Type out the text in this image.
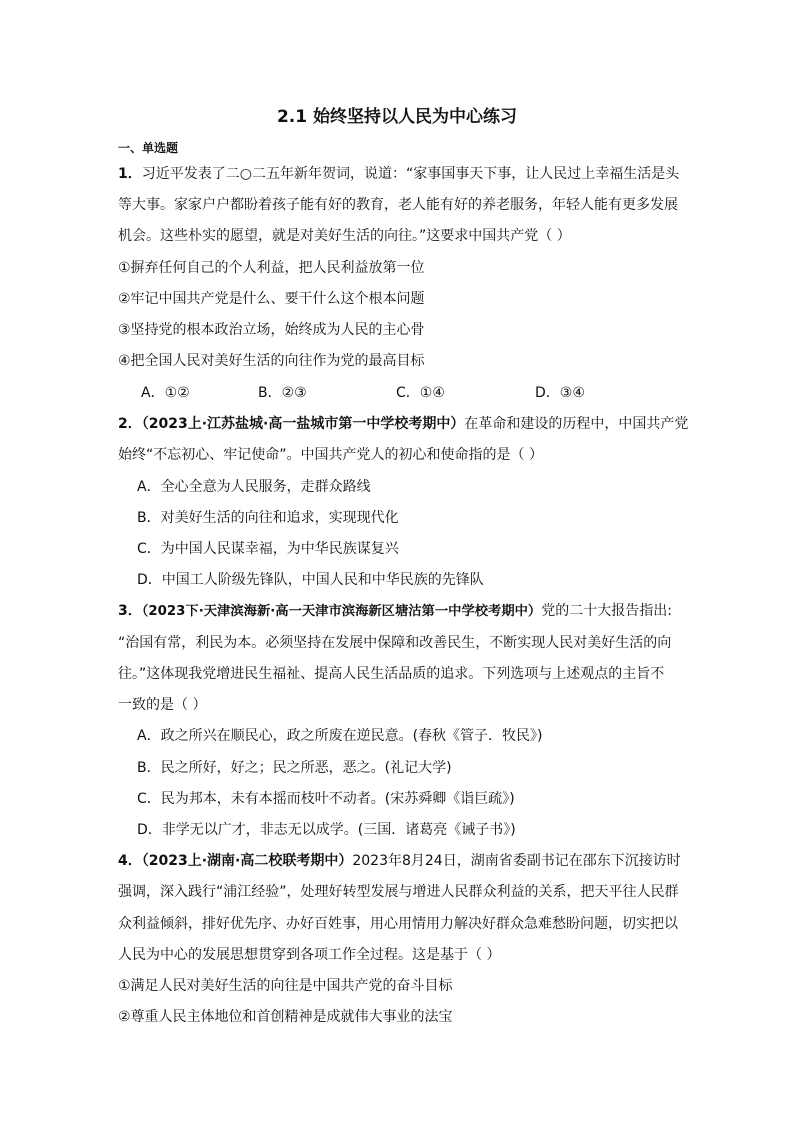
2.1 始终坚持以人民为中心练习
一、单选题
1．习近平发表了二○二五年新年贺词，说道：“家事国事天下事，让人民过上幸福生活是头
等大事。家家户户都盼着孩子能有好的教育，老人能有好的养老服务，年轻人能有更多发展
机会。这些朴实的愿望，就是对美好生活的向往。”这要求中国共产党（ ）
①摒弃任何自己的个人利益，把人民利益放第一位
②牢记中国共产党是什么、要干什么这个根本问题
③坚持党的根本政治立场，始终成为人民的主心骨
④把全国人民对美好生活的向往作为党的最高目标
A．①②	B．②③	C．①④	D．③④
2．（2023上·江苏盐城·高一盐城市第一中学校考期中）在革命和建设的历程中，中国共产党
始终“不忘初心、牢记使命”。中国共产党人的初心和使命指的是（ ）
A．全心全意为人民服务，走群众路线
B．对美好生活的向往和追求，实现现代化
C．为中国人民谋幸福，为中华民族谋复兴
D．中国工人阶级先锋队，中国人民和中华民族的先锋队
3．（2023下·天津滨海新·高一天津市滨海新区塘沽第一中学校考期中）党的二十大报告指出:
“治国有常，利民为本。必须坚持在发展中保障和改善民生，不断实现人民对美好生活的向
往。”这体现我党增进民生福祉、提高人民生活品质的追求。下列选项与上述观点的主旨不
一致的是（ ）
A．政之所兴在顺民心，政之所废在逆民意。(春秋《管子．牧民》)
B．民之所好，好之；民之所恶，恶之。(礼记大学)
C．民为邦本，未有本摇而枝叶不动者。(宋苏舜卿《诣巨疏》)
D．非学无以广才，非志无以成学。(三国．诸葛亮《诫子书》)
4．（2023上·湖南·高二校联考期中）2023年8月24日，湖南省委副书记在邵东下沉接访时
强调，深入践行“浦江经验”，处理好转型发展与增进人民群众利益的关系，把天平往人民群
众利益倾斜，排好优先序、办好百姓事，用心用情用力解决好群众急难愁盼问题，切实把以
人民为中心的发展思想贯穿到各项工作全过程。这是基于（ ）
①满足人民对美好生活的向往是中国共产党的奋斗目标
②尊重人民主体地位和首创精神是成就伟大事业的法宝
